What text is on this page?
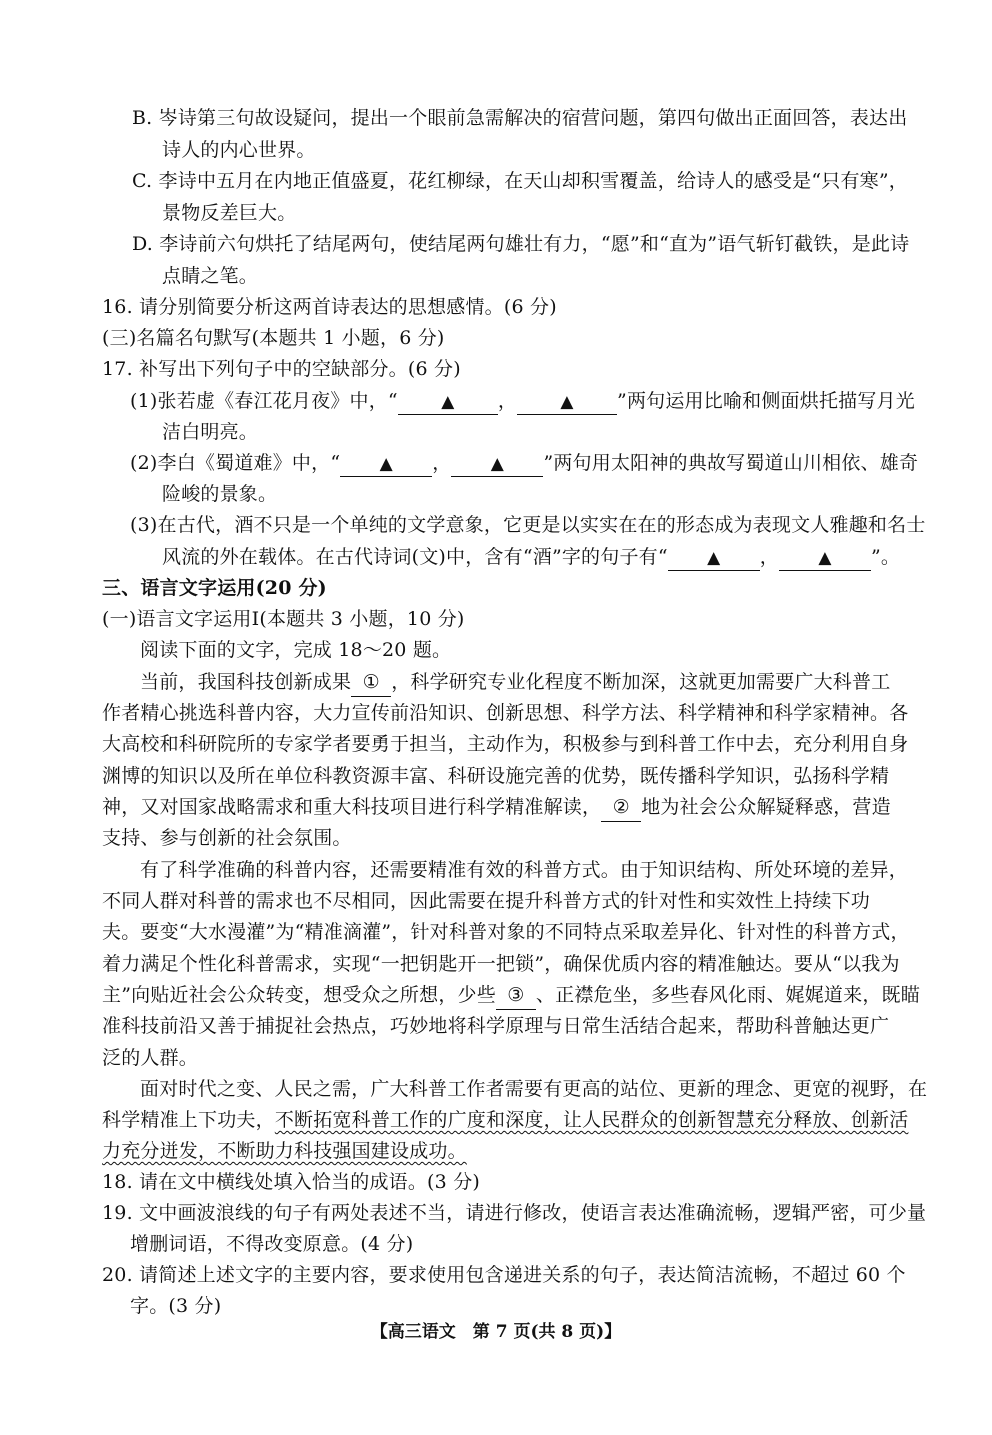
B. 岑诗第三句故设疑问，提出一个眼前急需解决的宿营问题，第四句做出正面回答，表达出
诗人的内心世界。
C. 李诗中五月在内地正值盛夏，花红柳绿，在天山却积雪覆盖，给诗人的感受是“只有寒”，
景物反差巨大。
D. 李诗前六句烘托了结尾两句，使结尾两句雄壮有力，“愿”和“直为”语气斩钉截铁，是此诗
点睛之笔。
16. 请分别简要分析这两首诗表达的思想感情。(6 分)
(三)名篇名句默写(本题共 1 小题，6 分)
17. 补写出下列句子中的空缺部分。(6 分)
(1)张若虚《春江花月夜》中，“	▲ ，	▲ ”两句运用比喻和侧面烘托描写月光
洁白明亮。
(2)李白《蜀道难》中，“ ▲ ， ▲ ”两句用太阳神的典故写蜀道山川相依、雄奇
险峻的景象。
(3)在古代，酒不只是一个单纯的文学意象，它更是以实实在在的形态成为表现文人雅趣和名士
风流的外在载体。在古代诗词(文)中，含有“酒”字的句子有“ ▲ ， ▲ ”。
三、语言文字运用(20 分)
(一)语言文字运用Ⅰ(本题共 3 小题，10 分)
阅读下面的文字，完成 18～20 题。
当前，我国科技创新成果 ① ，科学研究专业化程度不断加深，这就更加需要广大科普工
作者精心挑选科普内容，大力宣传前沿知识、创新思想、科学方法、科学精神和科学家精神。各
大高校和科研院所的专家学者要勇于担当，主动作为，积极参与到科普工作中去，充分利用自身
渊博的知识以及所在单位科教资源丰富、科研设施完善的优势，既传播科学知识，弘扬科学精
神，又对国家战略需求和重大科技项目进行科学精准解读， ② 地为社会公众解疑释惑，营造
支持、参与创新的社会氛围。
有了科学准确的科普内容，还需要精准有效的科普方式。由于知识结构、所处环境的差异，
不同人群对科普的需求也不尽相同，因此需要在提升科普方式的针对性和实效性上持续下功
夫。要变“大水漫灌”为“精准滴灌”，针对科普对象的不同特点采取差异化、针对性的科普方式，
着力满足个性化科普需求，实现“一把钥匙开一把锁”，确保优质内容的精准触达。要从“以我为
主”向贴近社会公众转变，想受众之所想，少些 ③ 、正襟危坐，多些春风化雨、娓娓道来，既瞄
准科技前沿又善于捕捉社会热点，巧妙地将科学原理与日常生活结合起来，帮助科普触达更广
泛的人群。
面对时代之变、人民之需，广大科普工作者需要有更高的站位、更新的理念、更宽的视野，在
科学精准上下功夫，不断拓宽科普工作的广度和深度，让人民群众的创新智慧充分释放、创新活
力充分迸发，不断助力科技强国建设成功。
18. 请在文中横线处填入恰当的成语。(3 分)
19. 文中画波浪线的句子有两处表述不当，请进行修改，使语言表达准确流畅，逻辑严密，可少量
增删词语，不得改变原意。(4 分)
20. 请简述上述文字的主要内容，要求使用包含递进关系的句子，表达简洁流畅，不超过 60 个
字。(3 分)
【高三语文　第 7 页(共 8 页)】
